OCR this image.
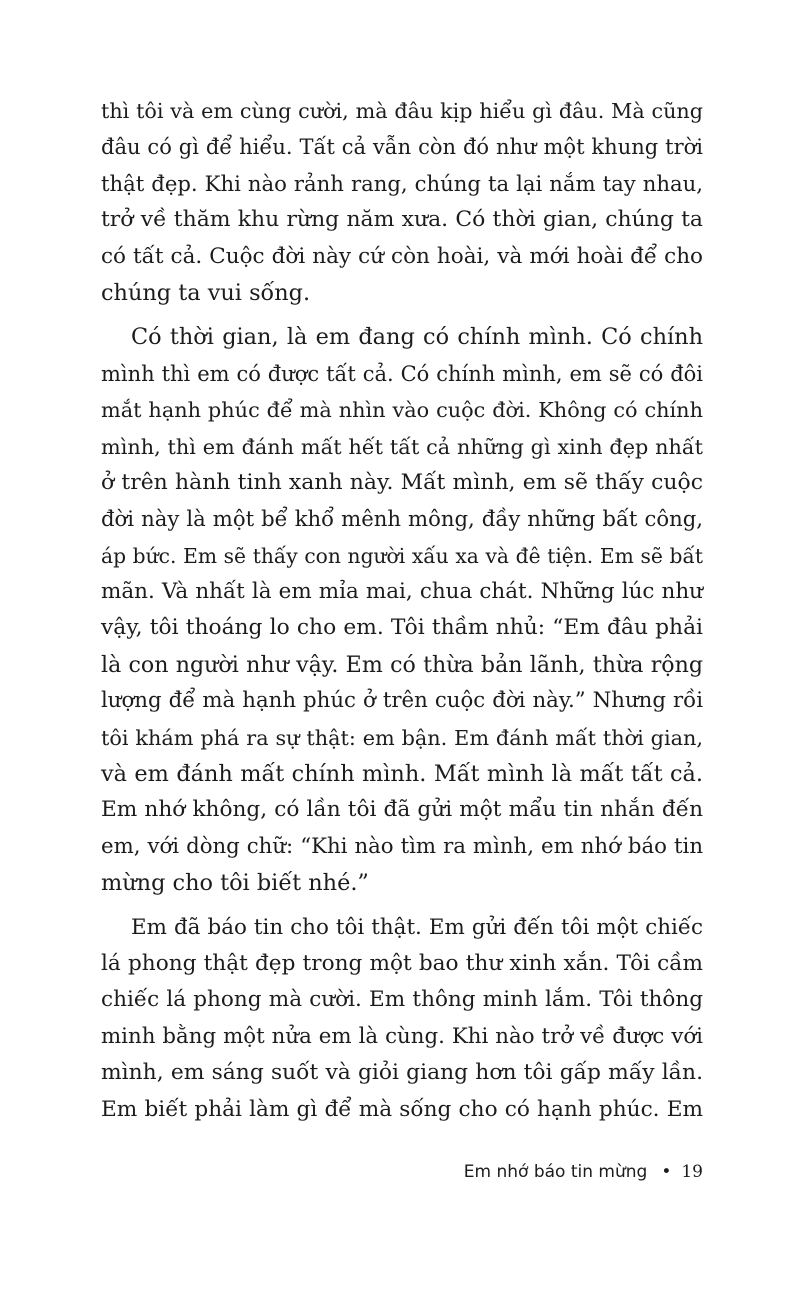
thì tôi và em cùng cười, mà đâu kịp hiểu gì đâu. Mà cũng
đâu có gì để hiểu. Tất cả vẫn còn đó như một khung trời
thật đẹp. Khi nào rảnh rang, chúng ta lại nắm tay nhau,
trở về thăm khu rừng năm xưa. Có thời gian, chúng ta
có tất cả. Cuộc đời này cứ còn hoài, và mới hoài để cho
chúng ta vui sống.
Có thời gian, là em đang có chính mình. Có chính
mình thì em có được tất cả. Có chính mình, em sẽ có đôi
mắt hạnh phúc để mà nhìn vào cuộc đời. Không có chính
mình, thì em đánh mất hết tất cả những gì xinh đẹp nhất
ở trên hành tinh xanh này. Mất mình, em sẽ thấy cuộc
đời này là một bể khổ mênh mông, đầy những bất công,
áp bức. Em sẽ thấy con người xấu xa và đê tiện. Em sẽ bất
mãn. Và nhất là em mỉa mai, chua chát. Những lúc như
vậy, tôi thoáng lo cho em. Tôi thầm nhủ: “Em đâu phải
là con người như vậy. Em có thừa bản lãnh, thừa rộng
lượng để mà hạnh phúc ở trên cuộc đời này.” Nhưng rồi
tôi khám phá ra sự thật: em bận. Em đánh mất thời gian,
và em đánh mất chính mình. Mất mình là mất tất cả.
Em nhớ không, có lần tôi đã gửi một mẩu tin nhắn đến
em, với dòng chữ: “Khi nào tìm ra mình, em nhớ báo tin
mừng cho tôi biết nhé.”
Em đã báo tin cho tôi thật. Em gửi đến tôi một chiếc
lá phong thật đẹp trong một bao thư xinh xắn. Tôi cầm
chiếc lá phong mà cười. Em thông minh lắm. Tôi thông
minh bằng một nửa em là cùng. Khi nào trở về được với
mình, em sáng suốt và giỏi giang hơn tôi gấp mấy lần.
Em biết phải làm gì để mà sống cho có hạnh phúc. Em
Em nhớ báo tin mừng • 19
